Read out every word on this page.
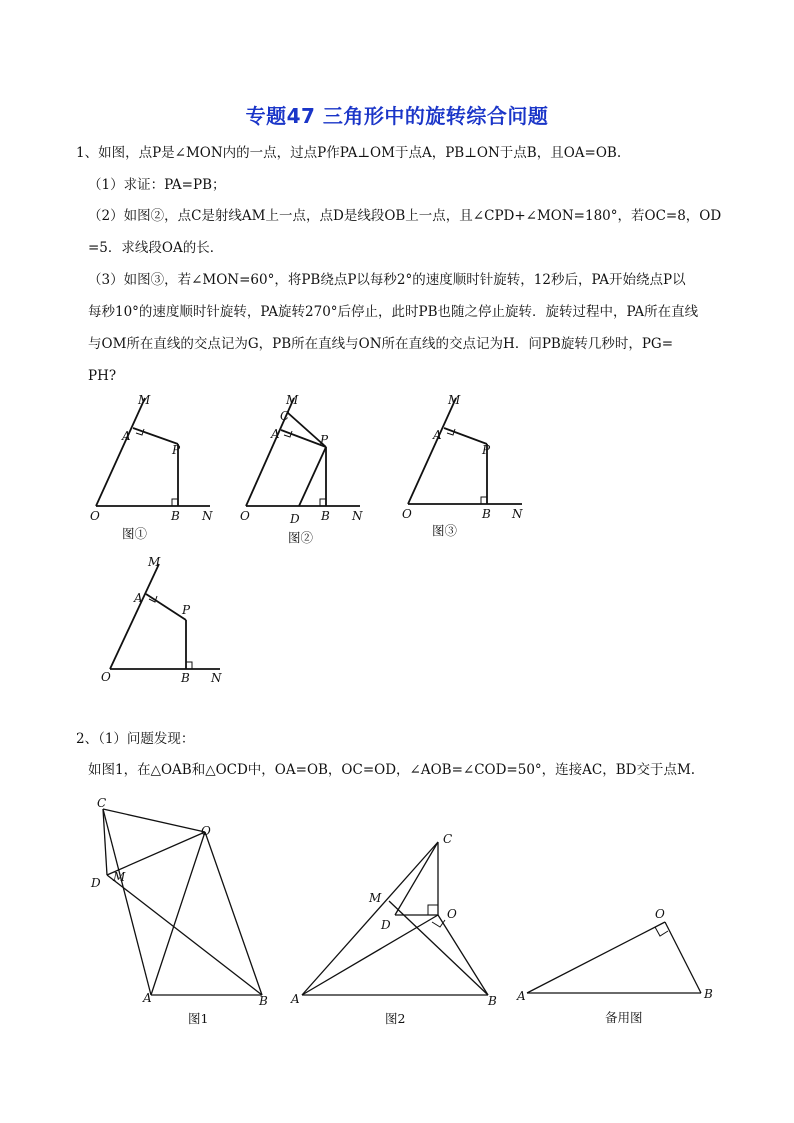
专题47 三角形中的旋转综合问题
1、如图，点P是∠MON内的一点，过点P作PA⊥OM于点A，PB⊥ON于点B，且OA=OB.
（1）求证：PA=PB；
（2）如图②，点C是射线AM上一点，点D是线段OB上一点，且∠CPD+∠MON=180°，若OC=8，OD
=5．求线段OA的长．
（3）如图③，若∠MON=60°，将PB绕点P以每秒2°的速度顺时针旋转，12秒后，PA开始绕点P以
每秒10°的速度顺时针旋转，PA旋转270°后停止，此时PB也随之停止旋转．旋转过程中，PA所在直线
与OM所在直线的交点记为G，PB所在直线与ON所在直线的交点记为H．问PB旋转几秒时，PG=
PH?
M
A
P
O	B N
图①
M
C
A	P
O	D B N
图②
M
A
P
O	B N
图③
M
A
P
O	B N
2、（1）问题发现：
如图1，在△OAB和△OCD中，OA=OB，OC=OD，∠AOB=∠COD=50°，连接AC，BD交于点M.
C
O
D M
A	B
图1
C
M
O
D
A	B
图2
O
A	B
备用图
